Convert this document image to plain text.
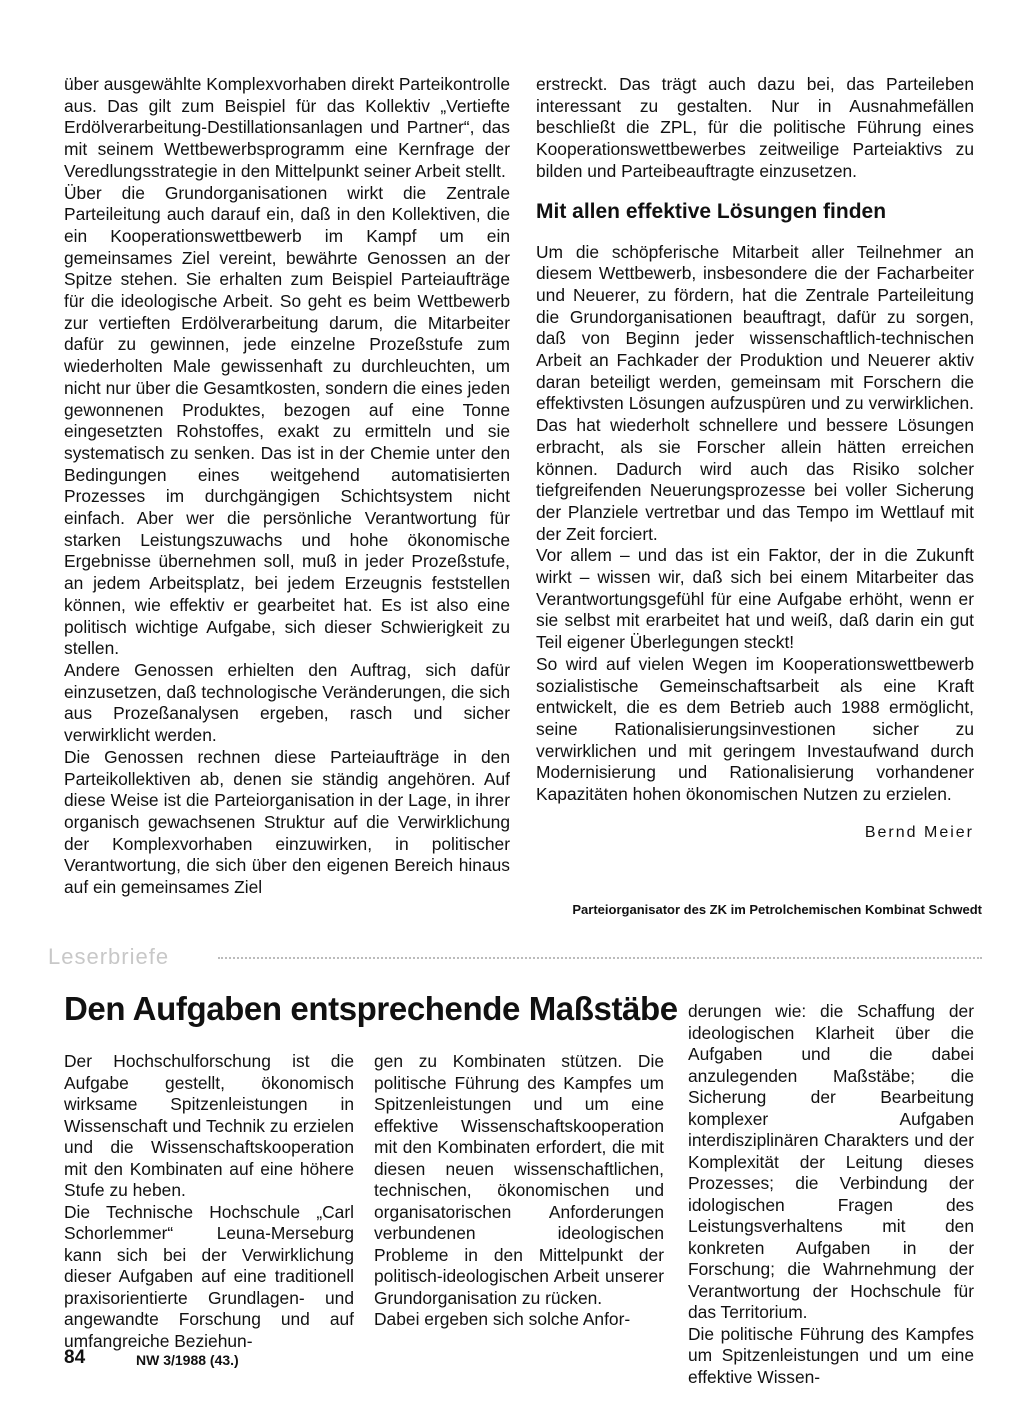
über ausgewählte Komplexvorhaben direkt Parteikontrolle aus. Das gilt zum Beispiel für das Kollektiv „Vertiefte Erdölverarbeitung-Destillationsanlagen und Partner“, das mit seinem Wettbewerbsprogramm eine Kernfrage der Veredlungsstrategie in den Mittelpunkt seiner Arbeit stellt.

Über die Grundorganisationen wirkt die Zentrale Parteileitung auch darauf ein, daß in den Kollektiven, die ein Kooperationswettbewerb im Kampf um ein gemeinsames Ziel vereint, bewährte Genossen an der Spitze stehen. Sie erhalten zum Beispiel Parteiaufträge für die ideologische Arbeit. So geht es beim Wettbewerb zur vertieften Erdölverarbeitung darum, die Mitarbeiter dafür zu gewinnen, jede einzelne Prozeßstufe zum wiederholten Male gewissenhaft zu durchleuchten, um nicht nur über die Gesamtkosten, sondern die eines jeden gewonnenen Produktes, bezogen auf eine Tonne eingesetzten Rohstoffes, exakt zu ermitteln und sie systematisch zu senken. Das ist in der Chemie unter den Bedingungen eines weitgehend automatisierten Prozesses im durchgängigen Schichtsystem nicht einfach. Aber wer die persönliche Verantwortung für starken Leistungszuwachs und hohe ökonomische Ergebnisse übernehmen soll, muß in jeder Prozeßstufe, an jedem Arbeitsplatz, bei jedem Erzeugnis feststellen können, wie effektiv er gearbeitet hat. Es ist also eine politisch wichtige Aufgabe, sich dieser Schwierigkeit zu stellen.

Andere Genossen erhielten den Auftrag, sich dafür einzusetzen, daß technologische Veränderungen, die sich aus Prozeßanalysen ergeben, rasch und sicher verwirklicht werden.

Die Genossen rechnen diese Parteiaufträge in den Parteikollektiven ab, denen sie ständig angehören. Auf diese Weise ist die Parteiorganisation in der Lage, in ihrer organisch gewachsenen Struktur auf die Verwirklichung der Komplexvorhaben einzuwirken, in politischer Verantwortung, die sich über den eigenen Bereich hinaus auf ein gemeinsames Ziel

erstreckt. Das trägt auch dazu bei, das Parteileben interessant zu gestalten. Nur in Ausnahmefällen beschließt die ZPL, für die politische Führung eines Kooperationswettbewerbes zeitweilige Parteiaktivs zu bilden und Parteibeauftragte einzusetzen.

Mit allen effektive Lösungen finden

Um die schöpferische Mitarbeit aller Teilnehmer an diesem Wettbewerb, insbesondere die der Facharbeiter und Neuerer, zu fördern, hat die Zentrale Parteileitung die Grundorganisationen beauftragt, dafür zu sorgen, daß von Beginn jeder wissenschaftlich-technischen Arbeit an Fachkader der Produktion und Neuerer aktiv daran beteiligt werden, gemeinsam mit Forschern die effektivsten Lösungen aufzuspüren und zu verwirklichen. Das hat wiederholt schnellere und bessere Lösungen erbracht, als sie Forscher allein hätten erreichen können. Dadurch wird auch das Risiko solcher tiefgreifenden Neuerungsprozesse bei voller Sicherung der Planziele vertretbar und das Tempo im Wettlauf mit der Zeit forciert.

Vor allem – und das ist ein Faktor, der in die Zukunft wirkt – wissen wir, daß sich bei einem Mitarbeiter das Verantwortungsgefühl für eine Aufgabe erhöht, wenn er sie selbst mit erarbeitet hat und weiß, daß darin ein gut Teil eigener Überlegungen steckt!

So wird auf vielen Wegen im Kooperationswettbewerb sozialistische Gemeinschaftsarbeit als eine Kraft entwickelt, die es dem Betrieb auch 1988 ermöglicht, seine Rationalisierungsinvestionen sicher zu verwirklichen und mit geringem Investaufwand durch Modernisierung und Rationalisierung vorhandener Kapazitäten hohen ökonomischen Nutzen zu erzielen.

Bernd Meier
Parteiorganisator des ZK im Petrolchemischen Kombinat Schwedt
Leserbriefe
Den Aufgaben entsprechende Maßstäbe

Der Hochschulforschung ist die Aufgabe gestellt, ökonomisch wirksame Spitzenleistungen in Wissenschaft und Technik zu erzielen und die Wissenschaftskooperation mit den Kombinaten auf eine höhere Stufe zu heben.

Die Technische Hochschule „Carl Schorlemmer“ Leuna-Merseburg kann sich bei der Verwirklichung dieser Aufgaben auf eine traditionell praxisorientierte Grundlagen- und angewandte Forschung und auf umfangreiche Beziehun-

gen zu Kombinaten stützen. Die politische Führung des Kampfes um Spitzenleistungen und um eine effektive Wissenschaftskooperation mit den Kombinaten erfordert, die mit diesen neuen wissenschaftlichen, technischen, ökonomischen und organisatorischen Anforderungen verbundenen ideologischen Probleme in den Mittelpunkt der politisch-ideologischen Arbeit unserer Grundorganisation zu rücken.

Dabei ergeben sich solche Anfor-

derungen wie: die Schaffung der ideologischen Klarheit über die Aufgaben und die dabei anzulegenden Maßstäbe; die Sicherung der Bearbeitung komplexer Aufgaben interdisziplinären Charakters und der Komplexität der Leitung dieses Prozesses; die Verbindung der idologischen Fragen des Leistungsverhaltens mit den konkreten Aufgaben in der Forschung; die Wahrnehmung der Verantwortung der Hochschule für das Territorium.

Die politische Führung des Kampfes um Spitzenleistungen und um eine effektive Wissen-

84	NW 3/1988 (43.)
